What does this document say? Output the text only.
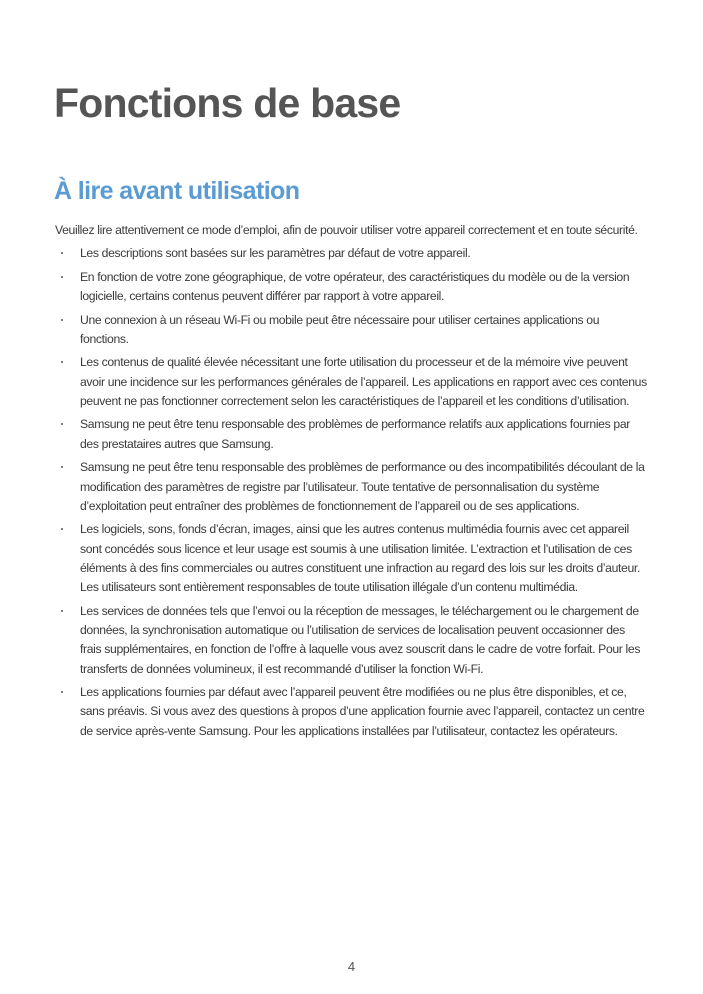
Fonctions de base
À lire avant utilisation

Veuillez lire attentivement ce mode d’emploi, afin de pouvoir utiliser votre appareil correctement et en toute sécurité.

Les descriptions sont basées sur les paramètres par défaut de votre appareil.
En fonction de votre zone géographique, de votre opérateur, des caractéristiques du modèle ou de la version logicielle, certains contenus peuvent différer par rapport à votre appareil.
Une connexion à un réseau Wi-Fi ou mobile peut être nécessaire pour utiliser certaines applications ou fonctions.
Les contenus de qualité élevée nécessitant une forte utilisation du processeur et de la mémoire vive peuvent avoir une incidence sur les performances générales de l’appareil. Les applications en rapport avec ces contenus peuvent ne pas fonctionner correctement selon les caractéristiques de l’appareil et les conditions d’utilisation.
Samsung ne peut être tenu responsable des problèmes de performance relatifs aux applications fournies par des prestataires autres que Samsung.
Samsung ne peut être tenu responsable des problèmes de performance ou des incompatibilités découlant de la modification des paramètres de registre par l’utilisateur. Toute tentative de personnalisation du système d’exploitation peut entraîner des problèmes de fonctionnement de l’appareil ou de ses applications.
Les logiciels, sons, fonds d’écran, images, ainsi que les autres contenus multimédia fournis avec cet appareil sont concédés sous licence et leur usage est soumis à une utilisation limitée. L’extraction et l’utilisation de ces éléments à des fins commerciales ou autres constituent une infraction au regard des lois sur les droits d’auteur. Les utilisateurs sont entièrement responsables de toute utilisation illégale d’un contenu multimédia.
Les services de données tels que l’envoi ou la réception de messages, le téléchargement ou le chargement de données, la synchronisation automatique ou l’utilisation de services de localisation peuvent occasionner des frais supplémentaires, en fonction de l’offre à laquelle vous avez souscrit dans le cadre de votre forfait. Pour les transferts de données volumineux, il est recommandé d’utiliser la fonction Wi-Fi.
Les applications fournies par défaut avec l’appareil peuvent être modifiées ou ne plus être disponibles, et ce, sans préavis. Si vous avez des questions à propos d’une application fournie avec l’appareil, contactez un centre de service après-vente Samsung. Pour les applications installées par l’utilisateur, contactez les opérateurs.
4
